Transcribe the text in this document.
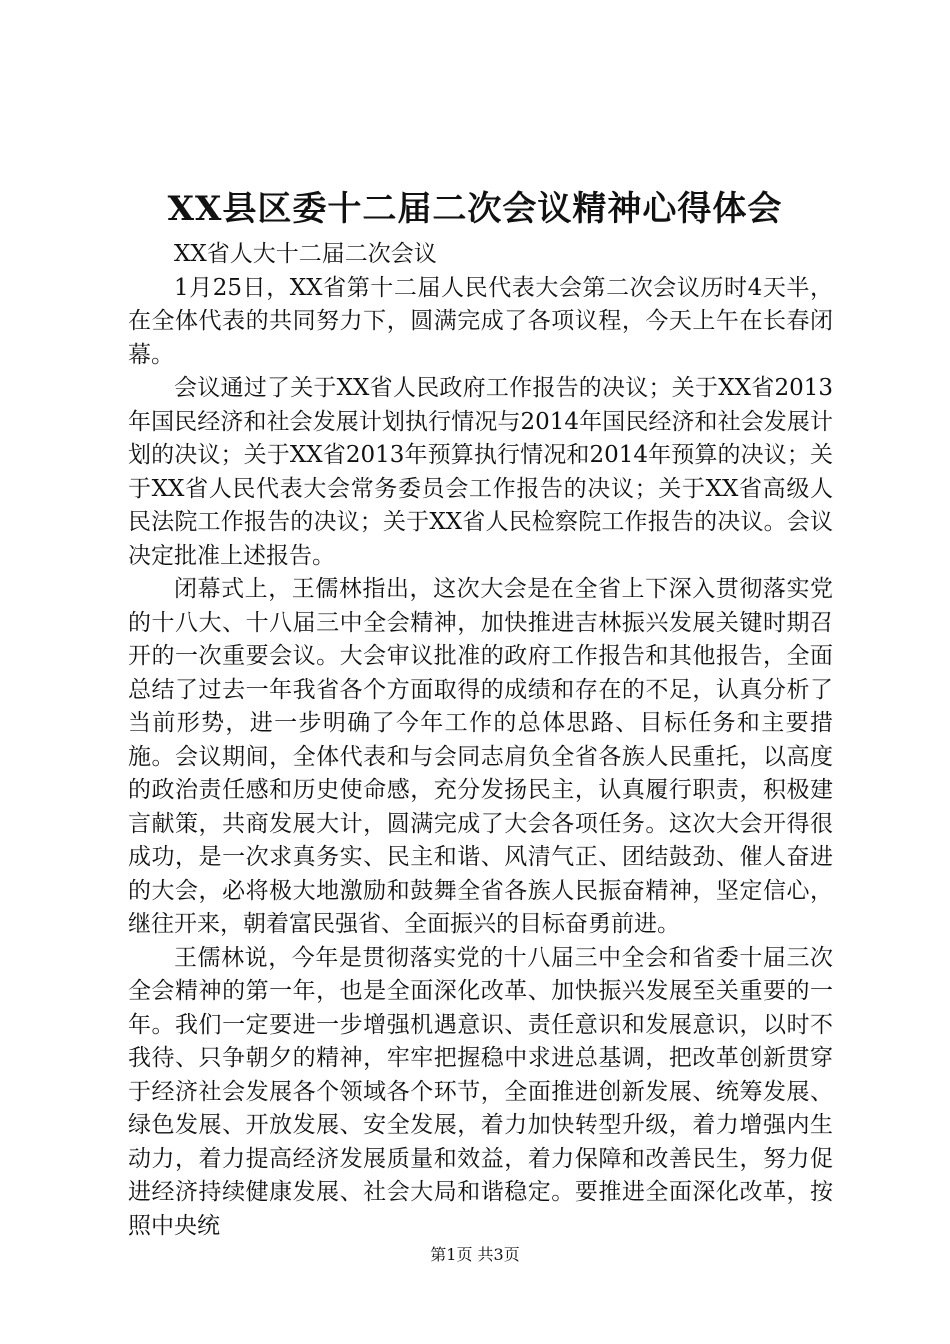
XX县区委十二届二次会议精神心得体会

XX省人大十二届二次会议

1月25日，XX省第十二届人民代表大会第二次会议历时4天半，在全体代表的共同努力下，圆满完成了各项议程，今天上午在长春闭幕。

会议通过了关于XX省人民政府工作报告的决议；关于XX省2013年国民经济和社会发展计划执行情况与2014年国民经济和社会发展计划的决议；关于XX省2013年预算执行情况和2014年预算的决议；关于XX省人民代表大会常务委员会工作报告的决议；关于XX省高级人民法院工作报告的决议；关于XX省人民检察院工作报告的决议。会议决定批准上述报告。

闭幕式上，王儒林指出，这次大会是在全省上下深入贯彻落实党的十八大、十八届三中全会精神，加快推进吉林振兴发展关键时期召开的一次重要会议。大会审议批准的政府工作报告和其他报告，全面总结了过去一年我省各个方面取得的成绩和存在的不足，认真分析了当前形势，进一步明确了今年工作的总体思路、目标任务和主要措施。会议期间，全体代表和与会同志肩负全省各族人民重托，以高度的政治责任感和历史使命感，充分发扬民主，认真履行职责，积极建言献策，共商发展大计，圆满完成了大会各项任务。这次大会开得很成功，是一次求真务实、民主和谐、风清气正、团结鼓劲、催人奋进的大会，必将极大地激励和鼓舞全省各族人民振奋精神，坚定信心，继往开来，朝着富民强省、全面振兴的目标奋勇前进。

王儒林说，今年是贯彻落实党的十八届三中全会和省委十届三次全会精神的第一年，也是全面深化改革、加快振兴发展至关重要的一年。我们一定要进一步增强机遇意识、责任意识和发展意识，以时不我待、只争朝夕的精神，牢牢把握稳中求进总基调，把改革创新贯穿于经济社会发展各个领域各个环节，全面推进创新发展、统筹发展、绿色发展、开放发展、安全发展，着力加快转型升级，着力增强内生动力，着力提高经济发展质量和效益，着力保障和改善民生，努力促进经济持续健康发展、社会大局和谐稳定。要推进全面深化改革，按照中央统

第1页 共3页
